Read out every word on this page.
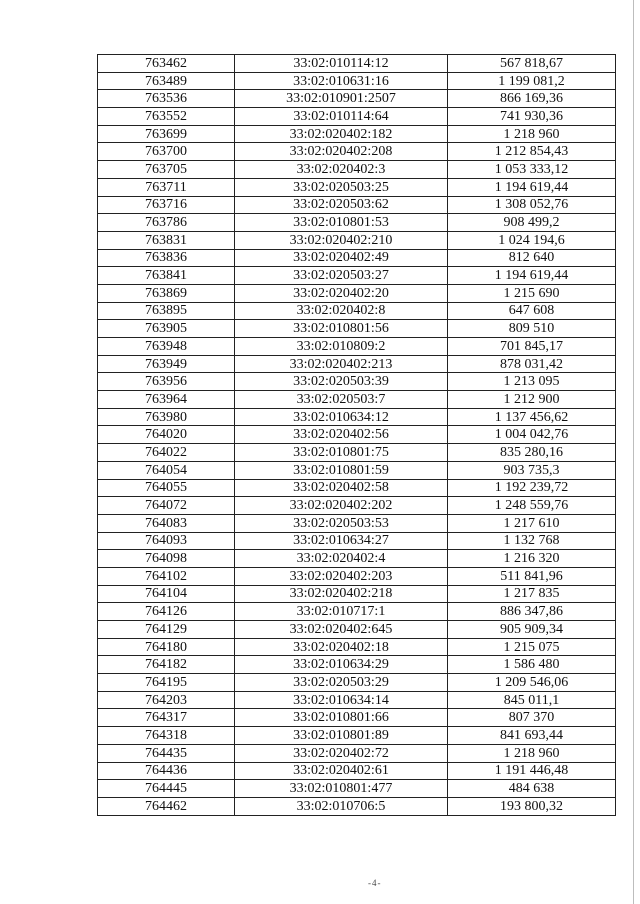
763462	33:02:010114:12	567 818,67
763489	33:02:010631:16	1 199 081,2
763536	33:02:010901:2507	866 169,36
763552	33:02:010114:64	741 930,36
763699	33:02:020402:182	1 218 960
763700	33:02:020402:208	1 212 854,43
763705	33:02:020402:3	1 053 333,12
763711	33:02:020503:25	1 194 619,44
763716	33:02:020503:62	1 308 052,76
763786	33:02:010801:53	908 499,2
763831	33:02:020402:210	1 024 194,6
763836	33:02:020402:49	812 640
763841	33:02:020503:27	1 194 619,44
763869	33:02:020402:20	1 215 690
763895	33:02:020402:8	647 608
763905	33:02:010801:56	809 510
763948	33:02:010809:2	701 845,17
763949	33:02:020402:213	878 031,42
763956	33:02:020503:39	1 213 095
763964	33:02:020503:7	1 212 900
763980	33:02:010634:12	1 137 456,62
764020	33:02:020402:56	1 004 042,76
764022	33:02:010801:75	835 280,16
764054	33:02:010801:59	903 735,3
764055	33:02:020402:58	1 192 239,72
764072	33:02:020402:202	1 248 559,76
764083	33:02:020503:53	1 217 610
764093	33:02:010634:27	1 132 768
764098	33:02:020402:4	1 216 320
764102	33:02:020402:203	511 841,96
764104	33:02:020402:218	1 217 835
764126	33:02:010717:1	886 347,86
764129	33:02:020402:645	905 909,34
764180	33:02:020402:18	1 215 075
764182	33:02:010634:29	1 586 480
764195	33:02:020503:29	1 209 546,06
764203	33:02:010634:14	845 011,1
764317	33:02:010801:66	807 370
764318	33:02:010801:89	841 693,44
764435	33:02:020402:72	1 218 960
764436	33:02:020402:61	1 191 446,48
764445	33:02:010801:477	484 638
764462	33:02:010706:5	193 800,32
-4-
